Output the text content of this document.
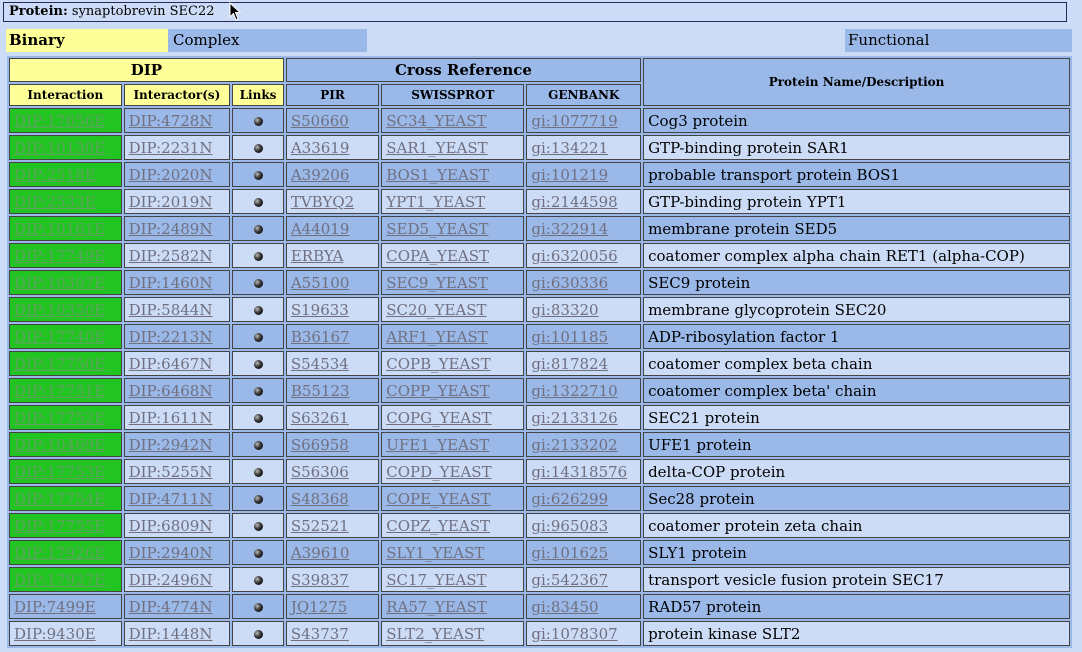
Protein: synaptobrevin SEC22
Binary	Complex	Functional
DIP			Cross Reference			Protein Name/Description
Interaction	Interactor(s)	Links	PIR	SWISSPROT	GENBANK	
DIP:17656E	DIP:4728N		S50660	SC34_YEAST	gi:1077719	Cog3 protein
DIP:10130E	DIP:2231N		A33619	SAR1_YEAST	gi:134221	GTP-binding protein SAR1
DIP:2518E	DIP:2020N		A39206	BOS1_YEAST	gi:101219	probable transport protein BOS1
DIP:2533E	DIP:2019N		TVBYQ2	YPT1_YEAST	gi:2144598	GTP-binding protein YPT1
DIP:10161E	DIP:2489N		A44019	SED5_YEAST	gi:322914	membrane protein SED5
DIP:17749E	DIP:2582N		ERBYA	COPA_YEAST	gi:6320056	coatomer complex alpha chain RET1 (alpha-COP)
DIP:10307E	DIP:1460N		A55100	SEC9_YEAST	gi:630336	SEC9 protein
DIP:10350E	DIP:5844N		S19633	SC20_YEAST	gi:83320	membrane glycoprotein SEC20
DIP:17740E	DIP:2213N		B36167	ARF1_YEAST	gi:101185	ADP-ribosylation factor 1
DIP:17750E	DIP:6467N		S54534	COPB_YEAST	gi:817824	coatomer complex beta chain
DIP:17751E	DIP:6468N		B55123	COPP_YEAST	gi:1322710	coatomer complex beta' chain
DIP:17752E	DIP:1611N		S63261	COPG_YEAST	gi:2133126	SEC21 protein
DIP:10469E	DIP:2942N		S66958	UFE1_YEAST	gi:2133202	UFE1 protein
DIP:17753E	DIP:5255N		S56306	COPD_YEAST	gi:14318576	delta-COP protein
DIP:17754E	DIP:4711N		S48368	COPE_YEAST	gi:626299	Sec28 protein
DIP:17755E	DIP:6809N		S52521	COPZ_YEAST	gi:965083	coatomer protein zeta chain
DIP:17926E	DIP:2940N		A39610	SLY1_YEAST	gi:101625	SLY1 protein
DIP:17927E	DIP:2496N		S39837	SC17_YEAST	gi:542367	transport vesicle fusion protein SEC17
DIP:7499E	DIP:4774N		JQ1275	RA57_YEAST	gi:83450	RAD57 protein
DIP:9430E	DIP:1448N		S43737	SLT2_YEAST	gi:1078307	protein kinase SLT2
